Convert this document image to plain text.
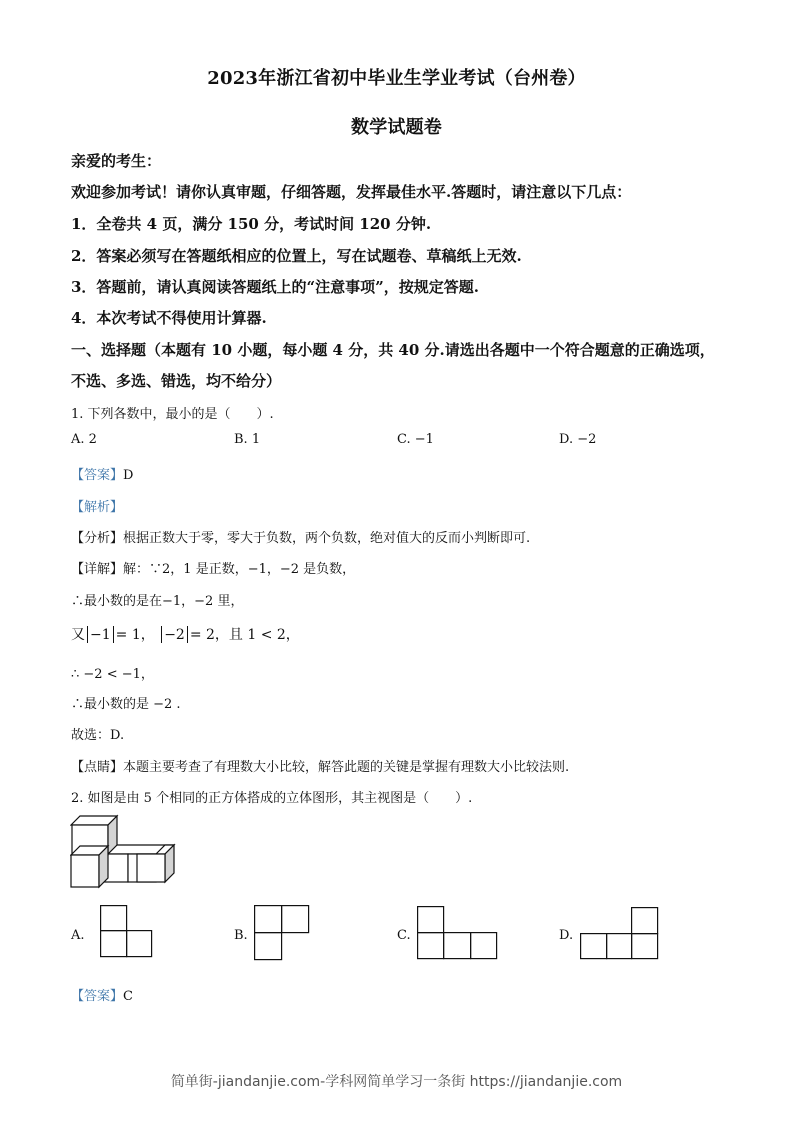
2023年浙江省初中毕业生学业考试（台州卷）
数学试题卷
亲爱的考生：
欢迎参加考试！请你认真审题，仔细答题，发挥最佳水平.答题时，请注意以下几点：
1．全卷共 4 页，满分 150 分，考试时间 120 分钟.
2．答案必须写在答题纸相应的位置上，写在试题卷、草稿纸上无效.
3．答题前，请认真阅读答题纸上的“注意事项”，按规定答题.
4．本次考试不得使用计算器.
一、选择题（本题有 10 小题，每小题 4 分，共 40 分.请选出各题中一个符合题意的正确选项，
不选、多选、错选，均不给分）
1. 下列各数中，最小的是（　　）.
A. 2	B. 1	C. −1	D. −2
【答案】D
【解析】
【分析】根据正数大于零，零大于负数，两个负数，绝对值大的反而小判断即可.
【详解】解：∵2，1 是正数，−1，−2 是负数，
∴最小数的是在−1，−2 里，
又 −1 = 1， −2 = 2，且 1 < 2，
∴ −2 < −1，
∴最小数的是 −2 .
故选：D.
【点睛】本题主要考查了有理数大小比较，解答此题的关键是掌握有理数大小比较法则.
2. 如图是由 5 个相同的正方体搭成的立体图形，其主视图是（　　）.
A.	B.	C.	D.
【答案】C
简单街-jiandanjie.com-学科网简单学习一条街 https://jiandanjie.com
